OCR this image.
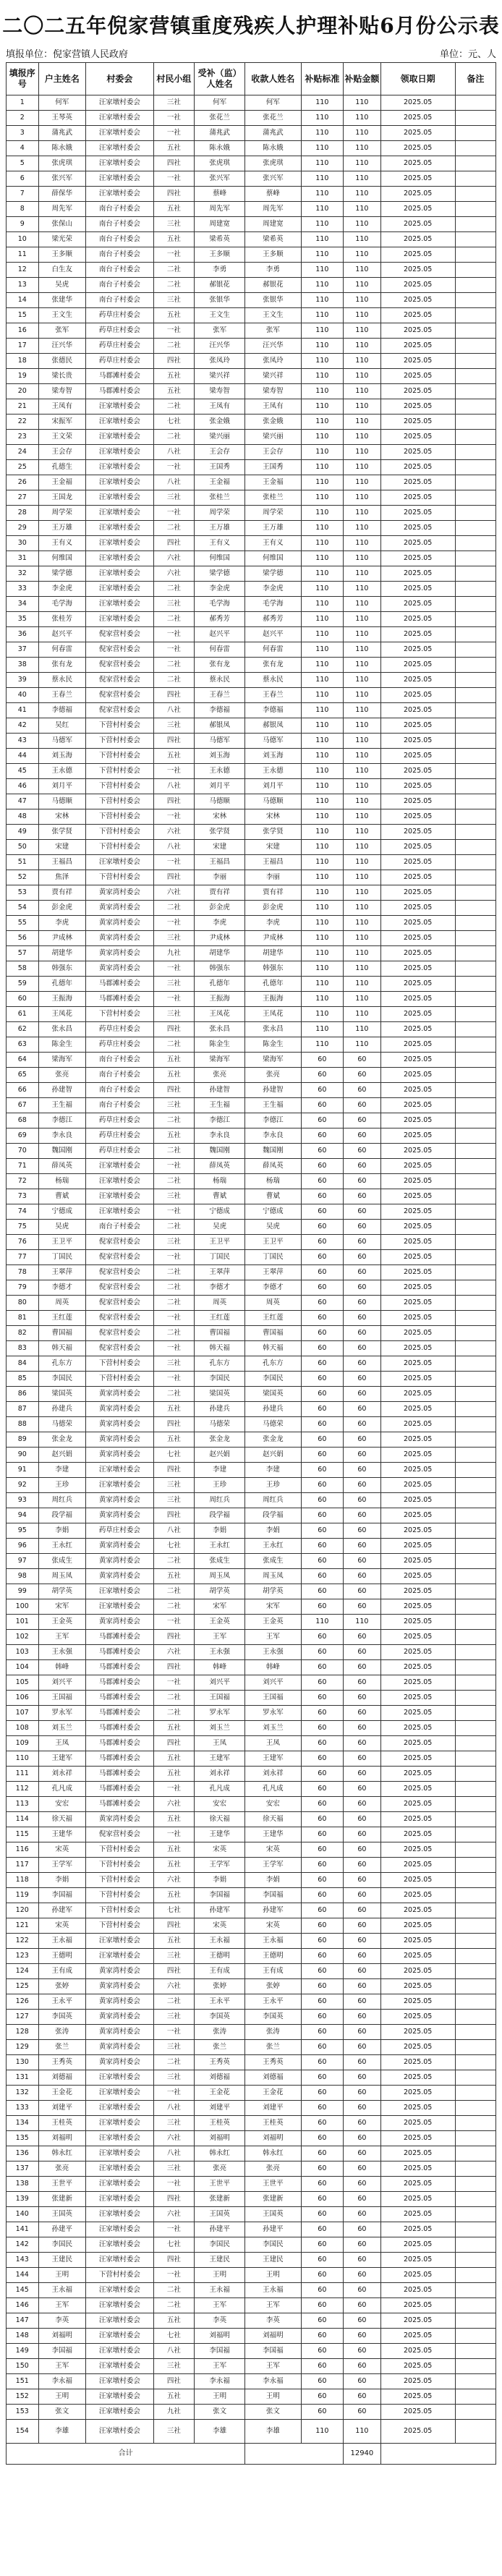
二〇二五年倪家营镇重度残疾人护理补贴6月份公示表
填报单位：倪家营镇人民政府	单位：元、人
填报序号	户主姓名	村委会	村民小组	受补（监）人姓名	收款人姓名	补贴标准	补贴金额	领取日期	备注
1	何军	汪家墩村委会	三社	何军	何军	110	110	2025.05	
2	王琴英	汪家墩村委会	一社	张花兰	张花兰	110	110	2025.05	
3	蒲兆武	汪家墩村委会	一社	蒲兆武	蒲兆武	110	110	2025.05	
4	陈永娥	汪家墩村委会	五社	陈永娥	陈永娥	110	110	2025.05	
5	张虎琪	汪家墩村委会	四社	张虎琪	张虎琪	110	110	2025.05	
6	张兴军	汪家墩村委会	一社	张兴军	张兴军	110	110	2025.05	
7	薛保华	汪家墩村委会	四社	蔡峰	蔡峰	110	110	2025.05	
8	周先军	南台子村委会	五社	周先军	周先军	110	110	2025.05	
9	张保山	南台子村委会	三社	周建宽	周建宽	110	110	2025.05	
10	梁光荣	南台子村委会	五社	梁希英	梁希英	110	110	2025.05	
11	王多顺	南台子村委会	一社	王多顺	王多顺	110	110	2025.05	
12	白生友	南台子村委会	二社	李勇	李勇	110	110	2025.05	
13	吴虎	南台子村委会	二社	郝银花	郝银花	110	110	2025.05	
14	张建华	南台子村委会	三社	张银华	张银华	110	110	2025.05	
15	王文生	药草庄村委会	五社	王文生	王文生	110	110	2025.05	
16	张军	药草庄村委会	一社	张军	张军	110	110	2025.05	
17	汪兴华	药草庄村委会	二社	汪兴华	汪兴华	110	110	2025.05	
18	张德民	药草庄村委会	四社	张凤玲	张凤玲	110	110	2025.05	
19	梁长贵	马郡滩村委会	五社	梁兴祥	梁兴祥	110	110	2025.05	
20	梁寿智	马郡滩村委会	五社	梁寿智	梁寿智	110	110	2025.05	
21	王凤有	汪家墩村委会	二社	王凤有	王凤有	110	110	2025.05	
22	宋振军	汪家墩村委会	七社	张金娥	张金娥	110	110	2025.05	
23	王文荣	汪家墩村委会	二社	梁兴丽	梁兴丽	110	110	2025.05	
24	王会存	汪家墩村委会	八社	王会存	王会存	110	110	2025.05	
25	孔德生	汪家墩村委会	一社	王国秀	王国秀	110	110	2025.05	
26	王金福	汪家墩村委会	八社	王金福	王金福	110	110	2025.05	
27	王国龙	汪家墩村委会	三社	张桂兰	张桂兰	110	110	2025.05	
28	周学荣	汪家墩村委会	一社	周学荣	周学荣	110	110	2025.05	
29	王万雄	汪家墩村委会	二社	王万雄	王万雄	110	110	2025.05	
30	王有义	汪家墩村委会	四社	王有义	王有义	110	110	2025.05	
31	何维国	汪家墩村委会	六社	何维国	何维国	110	110	2025.05	
32	梁学德	汪家墩村委会	六社	梁学德	梁学德	110	110	2025.05	
33	李金虎	汪家墩村委会	二社	李金虎	李金虎	110	110	2025.05	
34	毛学海	汪家墩村委会	三社	毛学海	毛学海	110	110	2025.05	
35	张桂芳	汪家墩村委会	二社	郝秀芳	郝秀芳	110	110	2025.05	
36	赵兴平	倪家营村委会	一社	赵兴平	赵兴平	110	110	2025.05	
37	何春雷	倪家营村委会	一社	何春雷	何春雷	110	110	2025.05	
38	张有龙	倪家营村委会	二社	张有龙	张有龙	110	110	2025.05	
39	蔡永民	倪家营村委会	二社	蔡永民	蔡永民	110	110	2025.05	
40	王春兰	倪家营村委会	四社	王春兰	王春兰	110	110	2025.05	
41	李德福	倪家营村委会	八社	李德福	李德福	110	110	2025.05	
42	吴红	下营村村委会	三社	郝银凤	郝银凤	110	110	2025.05	
43	马德军	下营村村委会	四社	马德军	马德军	110	110	2025.05	
44	刘玉海	下营村村委会	五社	刘玉海	刘玉海	110	110	2025.05	
45	王永德	下营村村委会	一社	王永德	王永德	110	110	2025.05	
46	刘月平	下营村村委会	八社	刘月平	刘月平	110	110	2025.05	
47	马德顺	下营村村委会	四社	马德顺	马德顺	110	110	2025.05	
48	宋林	下营村村委会	一社	宋林	宋林	110	110	2025.05	
49	张学贤	下营村村委会	六社	张学贤	张学贤	110	110	2025.05	
50	宋建	下营村村委会	八社	宋建	宋建	110	110	2025.05	
51	王福昌	汪家墩村委会	一社	王福昌	王福昌	110	110	2025.05	
52	焦泽	下营村村委会	四社	李丽	李丽	110	110	2025.05	
53	贾有祥	黄家湾村委会	六社	贾有祥	贾有祥	110	110	2025.05	
54	彭金虎	黄家湾村委会	二社	彭金虎	彭金虎	110	110	2025.05	
55	李虎	黄家湾村委会	一社	李虎	李虎	110	110	2025.05	
56	尹成林	黄家湾村委会	三社	尹成林	尹成林	110	110	2025.05	
57	胡建华	黄家湾村委会	九社	胡建华	胡建华	110	110	2025.05	
58	韩强东	黄家湾村委会	一社	韩强东	韩强东	110	110	2025.05	
59	孔德年	马郡滩村委会	三社	孔德年	孔德年	110	110	2025.05	
60	王振海	马郡滩村委会	一社	王振海	王振海	110	110	2025.05	
61	王凤花	下营村村委会	三社	王凤花	王凤花	110	110	2025.05	
62	张永昌	药草庄村委会	四社	张永昌	张永昌	110	110	2025.05	
63	陈金生	药草庄村委会	二社	陈金生	陈金生	110	110	2025.05	
64	梁海军	南台子村委会	五社	梁海军	梁海军	60	60	2025.05	
65	张亮	南台子村委会	五社	张亮	张亮	60	60	2025.05	
66	孙建智	南台子村委会	四社	孙建智	孙建智	60	60	2025.05	
67	王生福	南台子村委会	三社	王生福	王生福	60	60	2025.05	
68	李德江	药草庄村委会	二社	李德江	李德江	60	60	2025.05	
69	李永良	药草庄村委会	五社	李永良	李永良	60	60	2025.05	
70	魏国刚	药草庄村委会	二社	魏国刚	魏国刚	60	60	2025.05	
71	薛凤英	汪家墩村委会	一社	薛凤英	薛凤英	60	60	2025.05	
72	杨瑞	汪家墩村委会	二社	杨瑞	杨瑞	60	60	2025.05	
73	曹斌	汪家墩村委会	三社	曹斌	曹斌	60	60	2025.05	
74	宁德成	汪家墩村委会	一社	宁德成	宁德成	60	60	2025.05	
75	吴虎	南台子村委会	二社	吴虎	吴虎	60	60	2025.05	
76	王卫平	倪家营村委会	三社	王卫平	王卫平	60	60	2025.05	
77	丁国民	倪家营村委会	一社	丁国民	丁国民	60	60	2025.05	
78	王翠萍	倪家营村委会	二社	王翠萍	王翠萍	60	60	2025.05	
79	李德才	倪家营村委会	二社	李德才	李德才	60	60	2025.05	
80	周英	倪家营村委会	二社	周英	周英	60	60	2025.05	
81	王红莲	倪家营村委会	一社	王红莲	王红莲	60	60	2025.05	
82	曹国福	倪家营村委会	二社	曹国福	曹国福	60	60	2025.05	
83	韩天福	倪家营村委会	一社	韩天福	韩天福	60	60	2025.05	
84	孔东方	下营村村委会	三社	孔东方	孔东方	60	60	2025.05	
85	李国民	下营村村委会	一社	李国民	李国民	60	60	2025.05	
86	梁国英	黄家湾村委会	二社	梁国英	梁国英	60	60	2025.05	
87	孙建兵	黄家湾村委会	五社	孙建兵	孙建兵	60	60	2025.05	
88	马德荣	黄家湾村委会	四社	马德荣	马德荣	60	60	2025.05	
89	张金龙	黄家湾村委会	五社	张金龙	张金龙	60	60	2025.05	
90	赵兴娟	黄家湾村委会	七社	赵兴娟	赵兴娟	60	60	2025.05	
91	李建	汪家墩村委会	四社	李建	李建	60	60	2025.05	
92	王珍	汪家墩村委会	三社	王珍	王珍	60	60	2025.05	
93	周红兵	黄家湾村委会	三社	周红兵	周红兵	60	60	2025.05	
94	段学福	黄家湾村委会	四社	段学福	段学福	60	60	2025.05	
95	李娟	药草庄村委会	八社	李娟	李娟	60	60	2025.05	
96	王永红	黄家湾村委会	七社	王永红	王永红	60	60	2025.05	
97	张成生	黄家湾村委会	二社	张成生	张成生	60	60	2025.05	
98	周玉凤	黄家湾村委会	五社	周玉凤	周玉凤	60	60	2025.05	
99	胡学英	汪家墩村委会	二社	胡学英	胡学英	60	60	2025.05	
100	宋军	汪家墩村委会	二社	宋军	宋军	60	60	2025.05	
101	王金英	黄家湾村委会	一社	王金英	王金英	110	110	2025.05	
102	王军	马郡滩村委会	四社	王军	王军	60	60	2025.05	
103	王永强	马郡滩村委会	六社	王永强	王永强	60	60	2025.05	
104	韩峰	马郡滩村委会	四社	韩峰	韩峰	60	60	2025.05	
105	刘兴平	马郡滩村委会	一社	刘兴平	刘兴平	60	60	2025.05	
106	王国福	马郡滩村委会	二社	王国福	王国福	60	60	2025.05	
107	罗永军	马郡滩村委会	二社	罗永军	罗永军	60	60	2025.05	
108	刘玉兰	马郡滩村委会	五社	刘玉兰	刘玉兰	60	60	2025.05	
109	王凤	马郡滩村委会	四社	王凤	王凤	60	60	2025.05	
110	王建军	马郡滩村委会	五社	王建军	王建军	60	60	2025.05	
111	刘永祥	马郡滩村委会	五社	刘永祥	刘永祥	60	60	2025.05	
112	孔凡成	马郡滩村委会	一社	孔凡成	孔凡成	60	60	2025.05	
113	安宏	马郡滩村委会	六社	安宏	安宏	60	60	2025.05	
114	徐天福	黄家湾村委会	五社	徐天福	徐天福	60	60	2025.05	
115	王建华	倪家营村委会	一社	王建华	王建华	60	60	2025.05	
116	宋英	下营村村委会	五社	宋英	宋英	60	60	2025.05	
117	王学军	下营村村委会	五社	王学军	王学军	60	60	2025.05	
118	李娟	下营村村委会	六社	李娟	李娟	60	60	2025.05	
119	李国福	下营村村委会	五社	李国福	李国福	60	60	2025.05	
120	孙建军	下营村村委会	七社	孙建军	孙建军	60	60	2025.05	
121	宋英	下营村村委会	四社	宋英	宋英	60	60	2025.05	
122	王永福	汪家墩村委会	五社	王永福	王永福	60	60	2025.05	
123	王德明	汪家墩村委会	三社	王德明	王德明	60	60	2025.05	
124	王有成	黄家湾村委会	四社	王有成	王有成	60	60	2025.05	
125	张婷	黄家湾村委会	六社	张婷	张婷	60	60	2025.05	
126	王永平	黄家湾村委会	二社	王永平	王永平	60	60	2025.05	
127	李国英	黄家湾村委会	三社	李国英	李国英	60	60	2025.05	
128	张涛	黄家湾村委会	一社	张涛	张涛	60	60	2025.05	
129	张兰	黄家湾村委会	三社	张兰	张兰	60	60	2025.05	
130	王秀英	黄家湾村委会	二社	王秀英	王秀英	60	60	2025.05	
131	刘德福	汪家墩村委会	三社	刘德福	刘德福	60	60	2025.05	
132	王金花	汪家墩村委会	一社	王金花	王金花	60	60	2025.05	
133	刘建平	汪家墩村委会	八社	刘建平	刘建平	60	60	2025.05	
134	王桂英	汪家墩村委会	三社	王桂英	王桂英	60	60	2025.05	
135	刘福明	汪家墩村委会	六社	刘福明	刘福明	60	60	2025.05	
136	韩永红	汪家墩村委会	八社	韩永红	韩永红	60	60	2025.05	
137	张亮	汪家墩村委会	三社	张亮	张亮	60	60	2025.05	
138	王世平	汪家墩村委会	一社	王世平	王世平	60	60	2025.05	
139	张建新	汪家墩村委会	四社	张建新	张建新	60	60	2025.05	
140	王国英	汪家墩村委会	六社	王国英	王国英	60	60	2025.05	
141	孙建平	汪家墩村委会	一社	孙建平	孙建平	60	60	2025.05	
142	李国民	汪家墩村委会	七社	李国民	李国民	60	60	2025.05	
143	王建民	汪家墩村委会	四社	王建民	王建民	60	60	2025.05	
144	王明	下营村村委会	一社	王明	王明	60	60	2025.05	
145	王永福	汪家墩村委会	二社	王永福	王永福	60	60	2025.05	
146	王军	汪家墩村委会	二社	王军	王军	60	60	2025.05	
147	李英	汪家墩村委会	五社	李英	李英	60	60	2025.05	
148	刘福明	汪家墩村委会	七社	刘福明	刘福明	60	60	2025.05	
149	李国福	汪家墩村委会	八社	李国福	李国福	60	60	2025.05	
150	王军	汪家墩村委会	三社	王军	王军	60	60	2025.05	
151	李永福	汪家墩村委会	四社	李永福	李永福	60	60	2025.05	
152	王明	汪家墩村委会	五社	王明	王明	60	60	2025.05	
153	张文	汪家墩村委会	九社	张文	张文	60	60	2025.05	
154	李雄	汪家墩村委会	三社	李雄	李雄	110	110	2025.05	
合计							12940		
